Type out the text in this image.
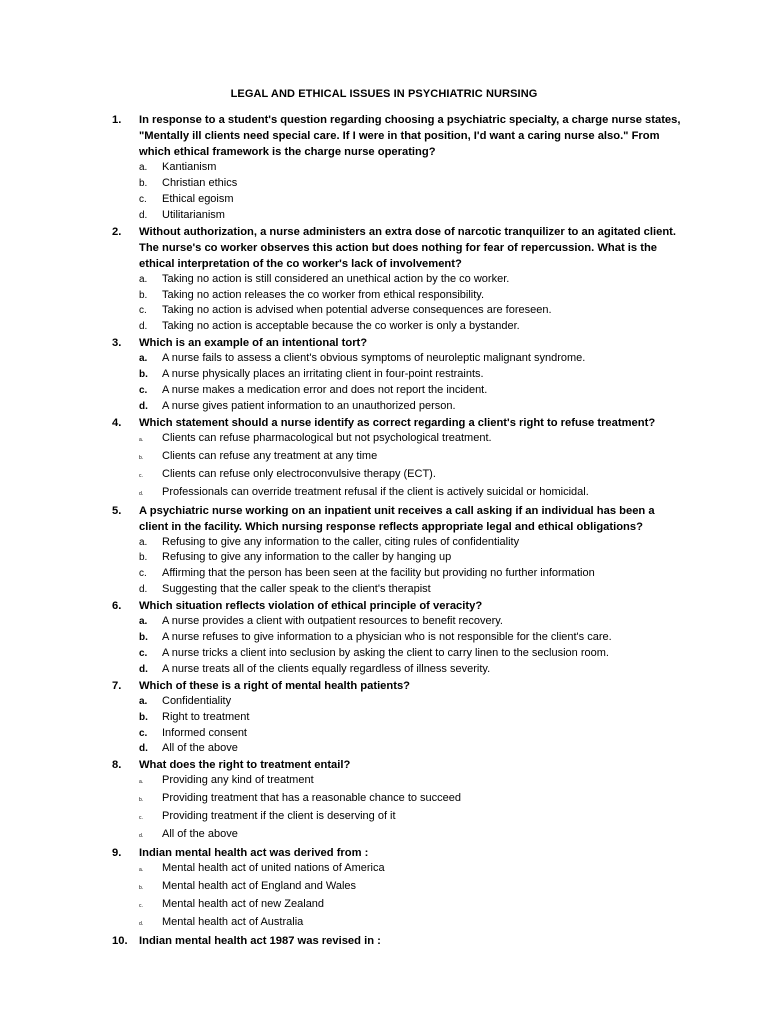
LEGAL AND ETHICAL ISSUES IN PSYCHIATRIC NURSING
1.	In response to a student's question regarding choosing a psychiatric specialty, a charge nurse states, "Mentally ill clients need special care. If I were in that position, I'd want a caring nurse also." From which ethical framework is the charge nurse operating?
a.	Kantianism
b.	Christian ethics
c.	Ethical egoism
d.	Utilitarianism
2.	Without authorization, a nurse administers an extra dose of narcotic tranquilizer to an agitated client. The nurse's co worker observes this action but does nothing for fear of repercussion. What is the ethical interpretation of the co worker's lack of involvement?
a.	Taking no action is still considered an unethical action by the co worker.
b.	Taking no action releases the co worker from ethical responsibility.
c.	Taking no action is advised when potential adverse consequences are foreseen.
d.	Taking no action is acceptable because the co worker is only a bystander.
3.	Which is an example of an intentional tort?
a.	A nurse fails to assess a client's obvious symptoms of neuroleptic malignant syndrome.
b.	A nurse physically places an irritating client in four-point restraints.
c.	A nurse makes a medication error and does not report the incident.
d.	A nurse gives patient information to an unauthorized person.
4.	Which statement should a nurse identify as correct regarding a client's right to refuse treatment?
a.	Clients can refuse pharmacological but not psychological treatment.
b.	Clients can refuse any treatment at any time
c.	Clients can refuse only electroconvulsive therapy (ECT).
d.	Professionals can override treatment refusal if the client is actively suicidal or homicidal.
5.	A psychiatric nurse working on an inpatient unit receives a call asking if an individual has been a client in the facility. Which nursing response reflects appropriate legal and ethical obligations?
a.	Refusing to give any information to the caller, citing rules of confidentiality
b.	Refusing to give any information to the caller by hanging up
c.	Affirming that the person has been seen at the facility but providing no further information
d.	Suggesting that the caller speak to the client's therapist
6.	Which situation reflects violation of ethical principle of veracity?
a.	A nurse provides a client with outpatient resources to benefit recovery.
b.	A nurse refuses to give information to a physician who is not responsible for the client's care.
c.	A nurse tricks a client into seclusion by asking the client to carry linen to the seclusion room.
d.	A nurse treats all of the clients equally regardless of illness severity.
7.	Which of these is a right of mental health patients?
a.	Confidentiality
b.	Right to treatment
c.	Informed consent
d.	All of the above
8.	What does the right to treatment entail?
a.	Providing any kind of treatment
b.	Providing treatment that has a reasonable chance to succeed
c.	Providing treatment if the client is deserving of it
d.	All of the above
9.	Indian mental health act was derived from :
a.	Mental health act of united nations of America
b.	Mental health act of England and Wales
c.	Mental health act of new Zealand
d.	Mental health act of Australia
10.	Indian mental health act 1987 was revised in :
